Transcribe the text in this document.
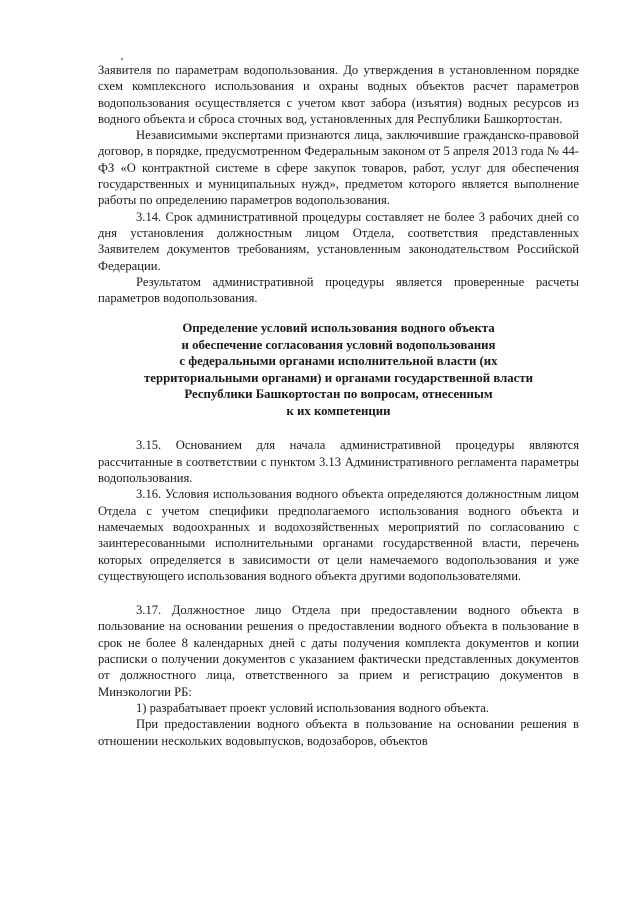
Заявителя по параметрам водопользования. До утверждения в установленном порядке схем комплексного использования и охраны водных объектов расчет параметров водопользования осуществляется с учетом квот забора (изъятия) водных ресурсов из водного объекта и сброса сточных вод, установленных для Республики Башкортостан.

Независимыми экспертами признаются лица, заключившие гражданско-правовой договор, в порядке, предусмотренном Федеральным законом от 5 апреля 2013 года № 44-ФЗ «О контрактной системе в сфере закупок товаров, работ, услуг для обеспечения государственных и муниципальных нужд», предметом которого является выполнение работы по определению параметров водопользования.

3.14. Срок административной процедуры составляет не более 3 рабочих дней со дня установления должностным лицом Отдела, соответствия представленных Заявителем документов требованиям, установленным законодательством Российской Федерации.

Результатом административной процедуры является проверенные расчеты параметров водопользования.

Определение условий использования водного объекта
и обеспечение согласования условий водопользования
с федеральными органами исполнительной власти (их
территориальными органами) и органами государственной власти
Республики Башкортостан по вопросам, отнесенным
к их компетенции

3.15. Основанием для начала административной процедуры являются рассчитанные в соответствии с пунктом 3.13 Административного регламента параметры водопользования.

3.16. Условия использования водного объекта определяются должностным лицом Отдела с учетом специфики предполагаемого использования водного объекта и намечаемых водоохранных и водохозяйственных мероприятий по согласованию с заинтересованными исполнительными органами государственной власти, перечень которых определяется в зависимости от цели намечаемого водопользования и уже существующего использования водного объекта другими водопользователями.

3.17. Должностное лицо Отдела при предоставлении водного объекта в пользование на основании решения о предоставлении водного объекта в пользование в срок не более 8 календарных дней с даты получения комплекта документов и копии расписки о получении документов с указанием фактически представленных документов от должностного лица, ответственного за прием и регистрацию документов в Минэкологии РБ:

1) разрабатывает проект условий использования водного объекта.

При предоставлении водного объекта в пользование на основании решения в отношении нескольких водовыпусков, водозаборов, объектов
